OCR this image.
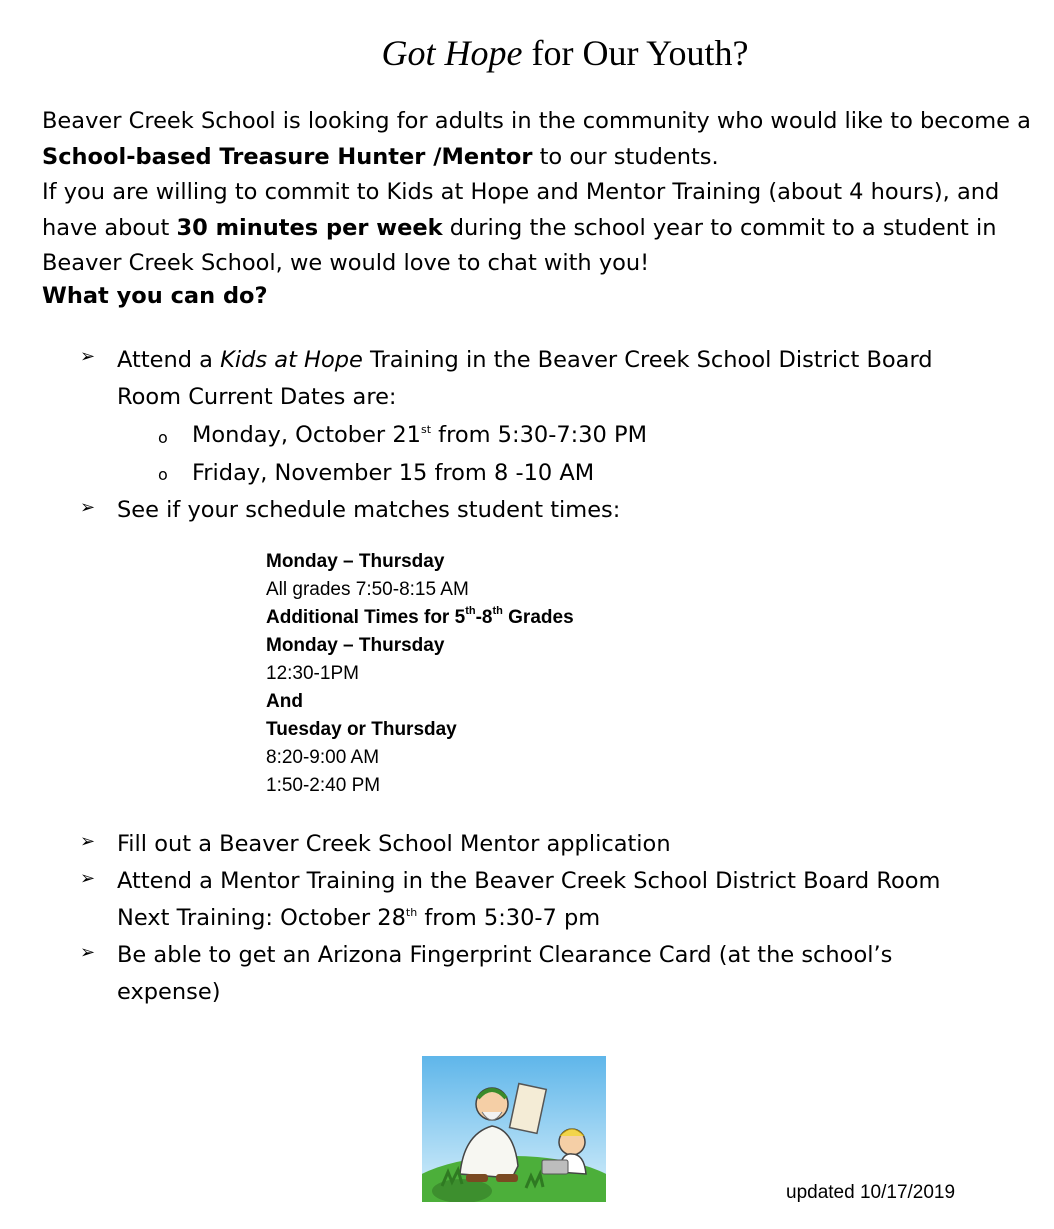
Got Hope for Our Youth?
Beaver Creek School is looking for adults in the community who would like to become a School-based Treasure Hunter /Mentor to our students.
If you are willing to commit to Kids at Hope and Mentor Training (about 4 hours), and have about 30 minutes per week during the school year to commit to a student in Beaver Creek School, we would love to chat with you!
What you can do?
➢ Attend a Kids at Hope Training in the Beaver Creek School District Board
Room Current Dates are:
o Monday, October 21st from 5:30-7:30 PM
o Friday, November 15 from 8 -10 AM
➢ See if your schedule matches student times:
Monday – Thursday
All grades 7:50-8:15 AM
Additional Times for 5th-8th Grades
Monday – Thursday
12:30-1PM
And
Tuesday or Thursday
8:20-9:00 AM
1:50-2:40 PM
➢ Fill out a Beaver Creek School Mentor application
➢ Attend a Mentor Training in the Beaver Creek School District Board Room
Next Training: October 28th from 5:30-7 pm
➢ Be able to get an Arizona Fingerprint Clearance Card (at the school’s
expense)
updated 10/17/2019
